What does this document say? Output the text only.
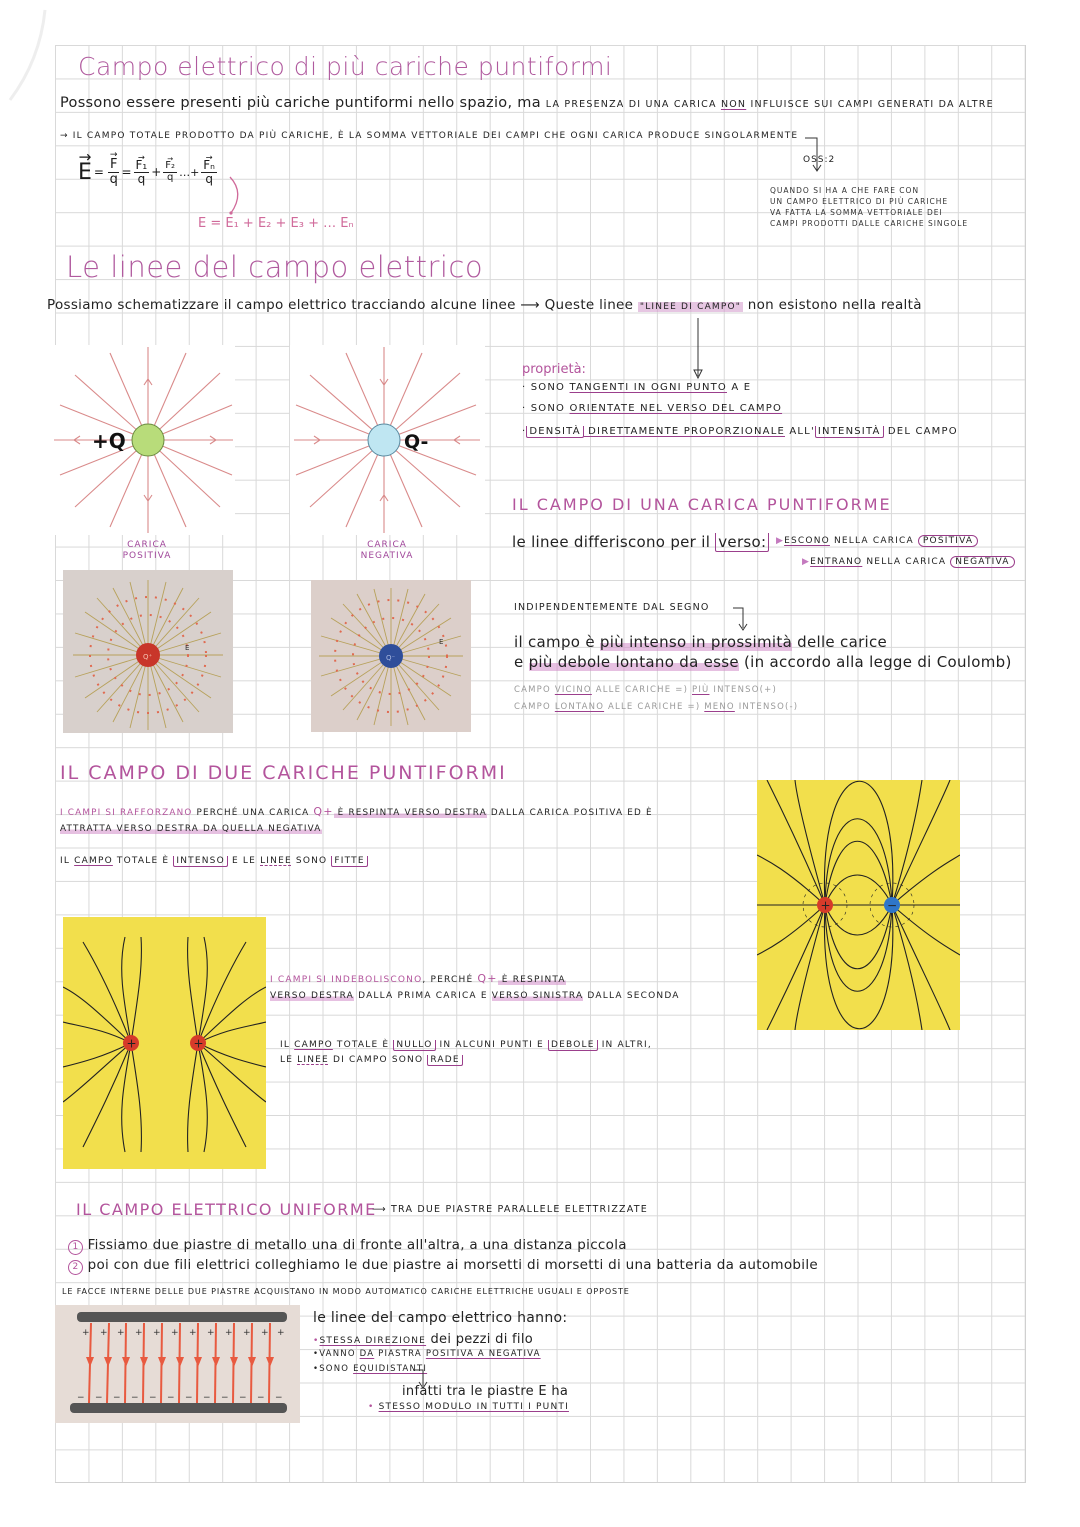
Campo elettrico di più cariche puntiformi
Possono essere presenti più cariche puntiformi nello spazio, ma LA PRESENZA DI UNA CARICA NON INFLUISCE SUI CAMPI GENERATI DA ALTRE
→ IL CAMPO TOTALE PRODOTTO DA PIÙ CARICHE, È LA SOMMA VETTORIALE DEI CAMPI CHE OGNI CARICA PRODUCE SINGOLARMENTE
→ E = → $\frac{F}{q}$ = → $\frac{\text{F₁}}{q}$ + → $\frac{\text{F₂}}{q}$ …+ → $\frac{\text{Fₙ}}{q}$
E = E₁ + E₂ + E₃ + … Eₙ
OSS:2
QUANDO SI HA A CHE FARE CON
UN CAMPO ELETTRICO DI PIÙ CARICHE
VA FATTA LA SOMMA VETTORIALE DEI
CAMPI PRODOTTI DALLE CARICHE SINGOLE
Le linee del campo elettrico
Possiamo schematizzare il campo elettrico tracciando alcune linee ⟶ Queste linee "LINEE DI CAMPO" non esistono nella realtà
+Q
CARICA
POSITIVA
Q-
CARICA
NEGATIVA
Q⁺
E
Q⁻
E
proprietà:
· SONO TANGENTI IN OGNI PUNTO A E
· SONO ORIENTATE NEL VERSO DEL CAMPO
· DENSITÀ DIRETTAMENTE PROPORZIONALE ALL' INTENSITÀ DEL CAMPO
IL CAMPO DI UNA CARICA PUNTIFORME
le linee differiscono per il verso:	▶ESCONO NELLA CARICA POSITIVA
▶ENTRANO NELLA CARICA NEGATIVA
INDIPENDENTEMENTE DAL SEGNO
il campo è più intenso in prossimità delle carice
e più debole lontano da esse (in accordo alla legge di Coulomb)
CAMPO VICINO ALLE CARICHE =) PIÙ INTENSO(+)
CAMPO LONTANO ALLE CARICHE =) MENO INTENSO(-)
IL CAMPO DI DUE CARICHE PUNTIFORMI
I CAMPI SI RAFFORZANO PERCHÉ UNA CARICA Q+ È RESPINTA VERSO DESTRA DALLA CARICA POSITIVA ED È
ATTRATTA VERSO DESTRA DA QUELLA NEGATIVA
IL CAMPO TOTALE È INTENSO E LE LINEE SONO FITTE
+	−
+	+
I CAMPI SI INDEBOLISCONO, PERCHÉ Q+ È RESPINTA
VERSO DESTRA DALLA PRIMA CARICA E VERSO SINISTRA DALLA SECONDA
IL CAMPO TOTALE È NULLO IN ALCUNI PUNTI E DEBOLE IN ALTRI,
LE LINEE DI CAMPO SONO RADE
IL CAMPO ELETTRICO UNIFORME
⟶ TRA DUE PIASTRE PARALLELE ELETTRIZZATE
1 Fissiamo due piastre di metallo una di fronte all'altra, a una distanza piccola
2 poi con due fili elettrici colleghiamo le due piastre ai morsetti di morsetti di una batteria da automobile
LE FACCE INTERNE DELLE DUE PIASTRE ACQUISTANO IN MODO AUTOMATICO CARICHE ELETTRICHE UGUALI E OPPOSTE
+ + + + + + + + + + + +
− − − − − − − − − − − −
le linee del campo elettrico hanno:
•STESSA DIREZIONE dei pezzi di filo
•VANNO DA PIASTRA POSITIVA A NEGATIVA
•SONO EQUIDISTANTI
infatti tra le piastre E ha
• STESSO MODULO IN TUTTI I PUNTI
